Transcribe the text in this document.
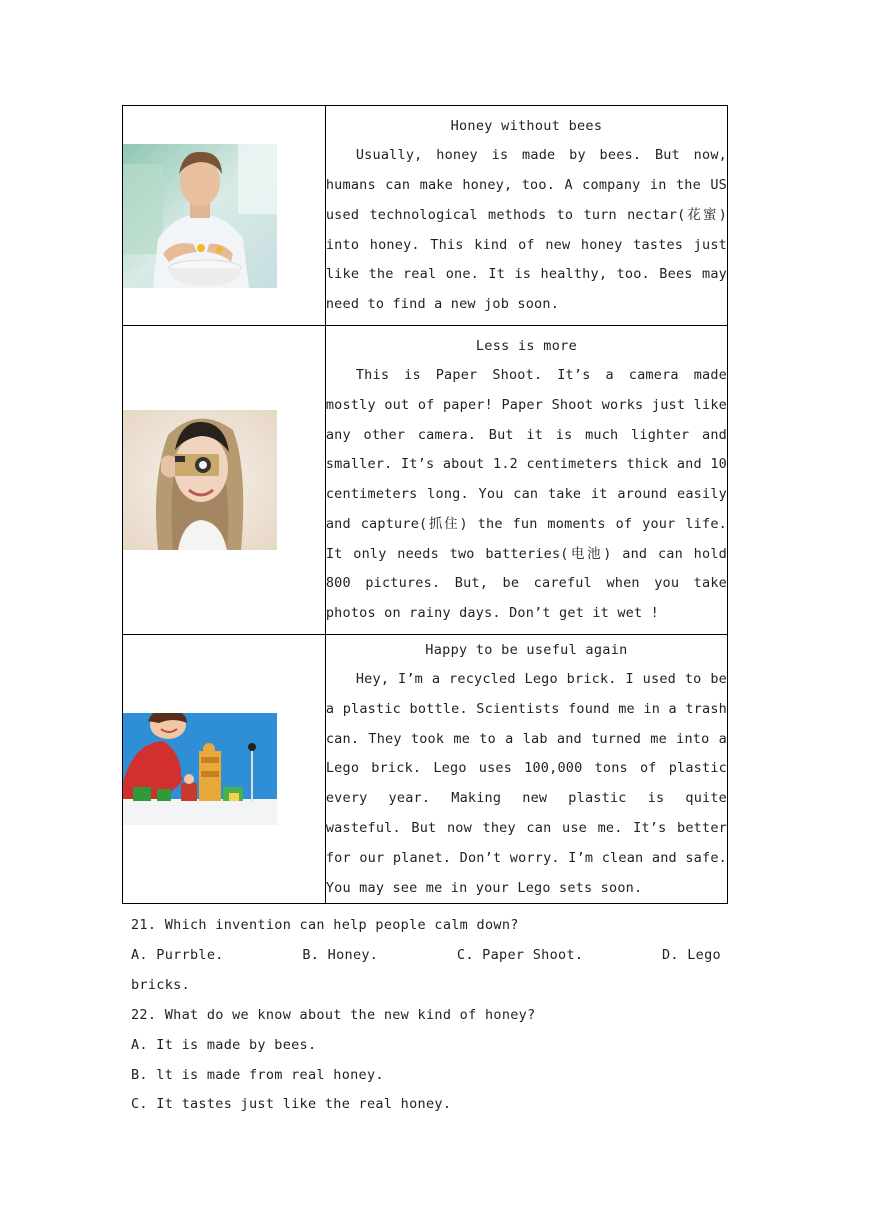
Honey without bees
Usually, honey is made by bees. But now, humans can make honey, too. A company in the US used technological methods to turn nectar(花蜜) into honey. This kind of new honey tastes just like the real one. It is healthy, too. Bees may need to find a new job soon.

Less is more
This is Paper Shoot. It’s a camera made mostly out of paper! Paper Shoot works just like any other camera. But it is much lighter and smaller. It’s about 1.2 centimeters thick and 10 centimeters long. You can take it around easily and capture(抓住) the fun moments of your life. It only needs two batteries(电池) and can hold 800 pictures. But, be careful when you take photos on rainy days. Don’t get it wet !

Happy to be useful again
Hey, I’m a recycled Lego brick. I used to be a plastic bottle. Scientists found me in a trash can. They took me to a lab and turned me into a Lego brick. Lego uses 100,000 tons of plastic every year. Making new plastic is quite wasteful. But now they can use me. It’s better for our planet. Don’t worry. I’m clean and safe. You may see me in your Lego sets soon.
21. Which invention can help people calm down?
A. Purrble.	B. Honey.	C. Paper Shoot.	D. Lego
bricks.
22. What do we know about the new kind of honey?
A. It is made by bees.
B. lt is made from real honey.
C. It tastes just like the real honey.
